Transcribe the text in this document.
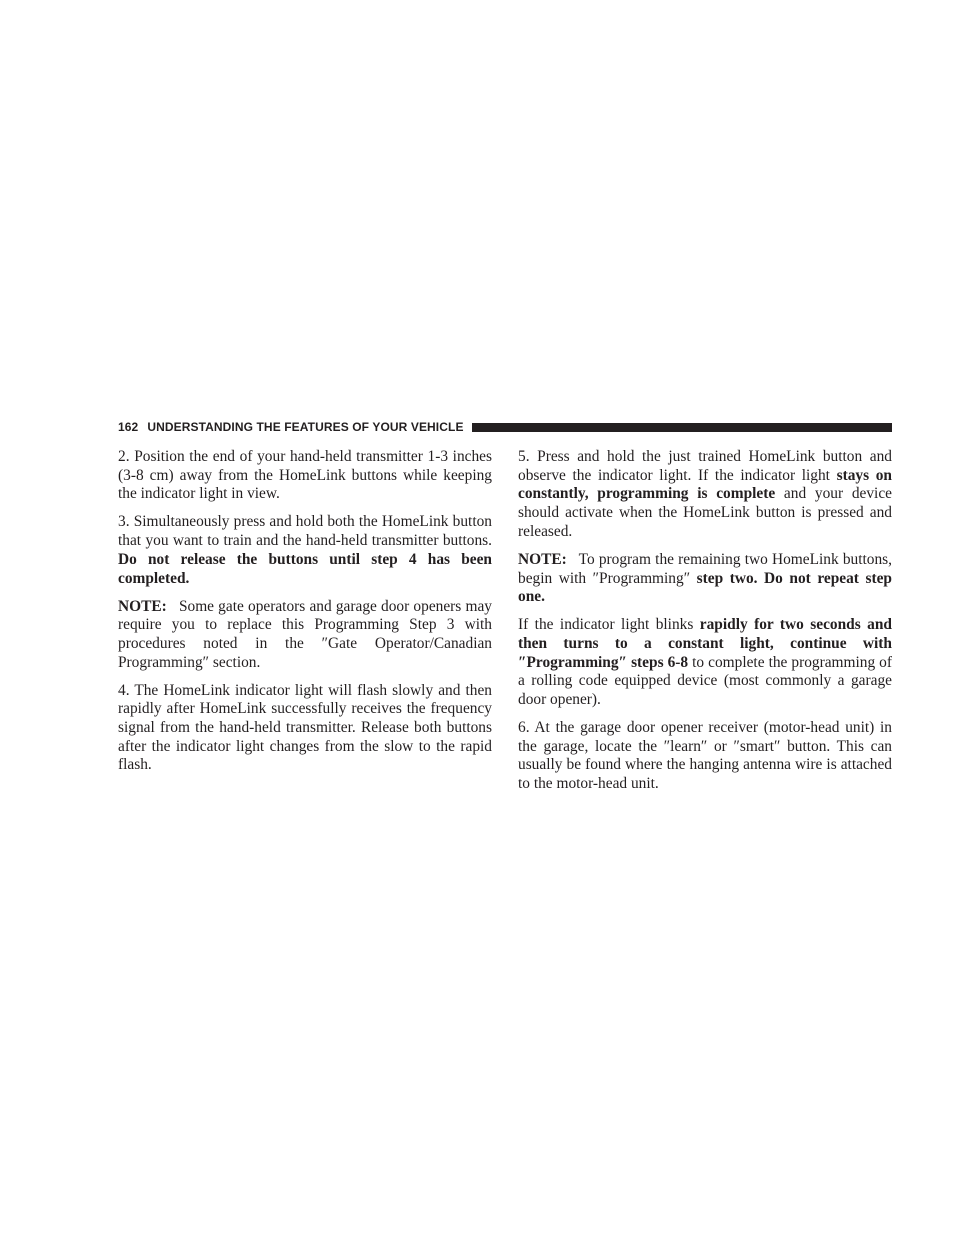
162 UNDERSTANDING THE FEATURES OF YOUR VEHICLE

2. Position the end of your hand-held transmitter 1-3 inches (3-8 cm) away from the HomeLink buttons while keeping the indicator light in view.

3. Simultaneously press and hold both the HomeLink button that you want to train and the hand-held transmitter buttons. Do not release the buttons until step 4 has been completed.

NOTE: Some gate operators and garage door openers may require you to replace this Programming Step 3 with procedures noted in the ″Gate Operator/Canadian Programming″ section.

4. The HomeLink indicator light will flash slowly and then rapidly after HomeLink successfully receives the frequency signal from the hand-held transmitter. Release both buttons after the indicator light changes from the slow to the rapid flash.

5. Press and hold the just trained HomeLink button and observe the indicator light. If the indicator light stays on constantly, programming is complete and your device should activate when the HomeLink button is pressed and released.

NOTE: To program the remaining two HomeLink buttons, begin with ″Programming″ step two. Do not repeat step one.

If the indicator light blinks rapidly for two seconds and then turns to a constant light, continue with ″Programming″ steps 6-8 to complete the programming of a rolling code equipped device (most commonly a garage door opener).

6. At the garage door opener receiver (motor-head unit) in the garage, locate the ″learn″ or ″smart″ button. This can usually be found where the hanging antenna wire is attached to the motor-head unit.
